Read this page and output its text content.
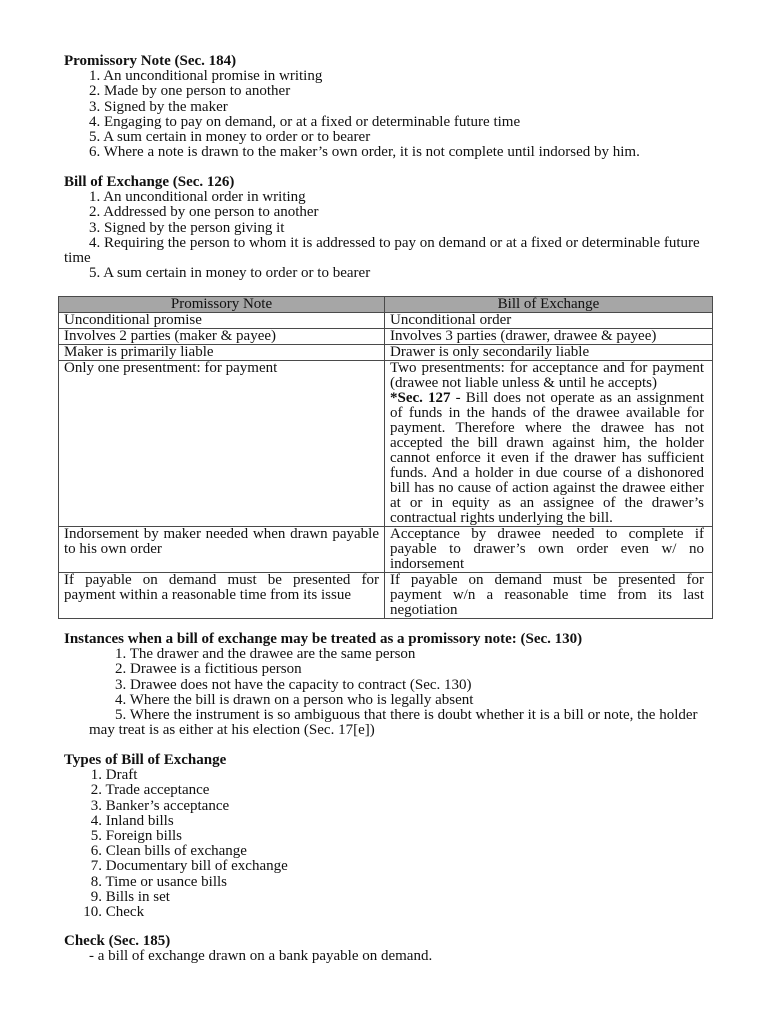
Promissory Note (Sec. 184)

1. An unconditional promise in writing

2. Made by one person to another

3. Signed by the maker

4. Engaging to pay on demand, or at a fixed or determinable future time

5. A sum certain in money to order or to bearer

6. Where a note is drawn to the maker’s own order, it is not complete until indorsed by him.

Bill of Exchange (Sec. 126)

1. An unconditional order in writing

2. Addressed by one person to another

3. Signed by the person giving it

4. Requiring the person to whom it is addressed to pay on demand or at a fixed or determinable future time

5. A sum certain in money to order or to bearer

Promissory Note	Bill of Exchange
Unconditional promise	Unconditional order
Involves 2 parties (maker & payee)	Involves 3 parties (drawer, drawee & payee)
Maker is primarily liable	Drawer is only secondarily liable
Only one presentment: for payment	Two presentments: for acceptance and for payment (drawee not liable unless & until he accepts)

*Sec. 127 - Bill does not operate as an assignment of funds in the hands of the drawee available for payment. Therefore where the drawee has not accepted the bill drawn against him, the holder cannot enforce it even if the drawer has sufficient funds. And a holder in due course of a dishonored bill has no cause of action against the drawee either at or in equity as an assignee of the drawer’s contractual rights underlying the bill.

Indorsement by maker needed when drawn payable to his own order	Acceptance by drawee needed to complete if payable to drawer’s own order even w/ no indorsement
If payable on demand must be presented for payment within a reasonable time from its issue	If payable on demand must be presented for payment w/n a reasonable time from its last negotiation
Instances when a bill of exchange may be treated as a promissory note: (Sec. 130)

1. The drawer and the drawee are the same person

2. Drawee is a fictitious person

3. Drawee does not have the capacity to contract (Sec. 130)

4. Where the bill is drawn on a person who is legally absent

5. Where the instrument is so ambiguous that there is doubt whether it is a bill or note, the holder may treat is as either at his election (Sec. 17[e])

Types of Bill of Exchange

1. Draft

2. Trade acceptance

3. Banker’s acceptance

4. Inland bills

5. Foreign bills

6. Clean bills of exchange

7. Documentary bill of exchange

8. Time or usance bills

9. Bills in set

10. Check

Check (Sec. 185)

- a bill of exchange drawn on a bank payable on demand.
